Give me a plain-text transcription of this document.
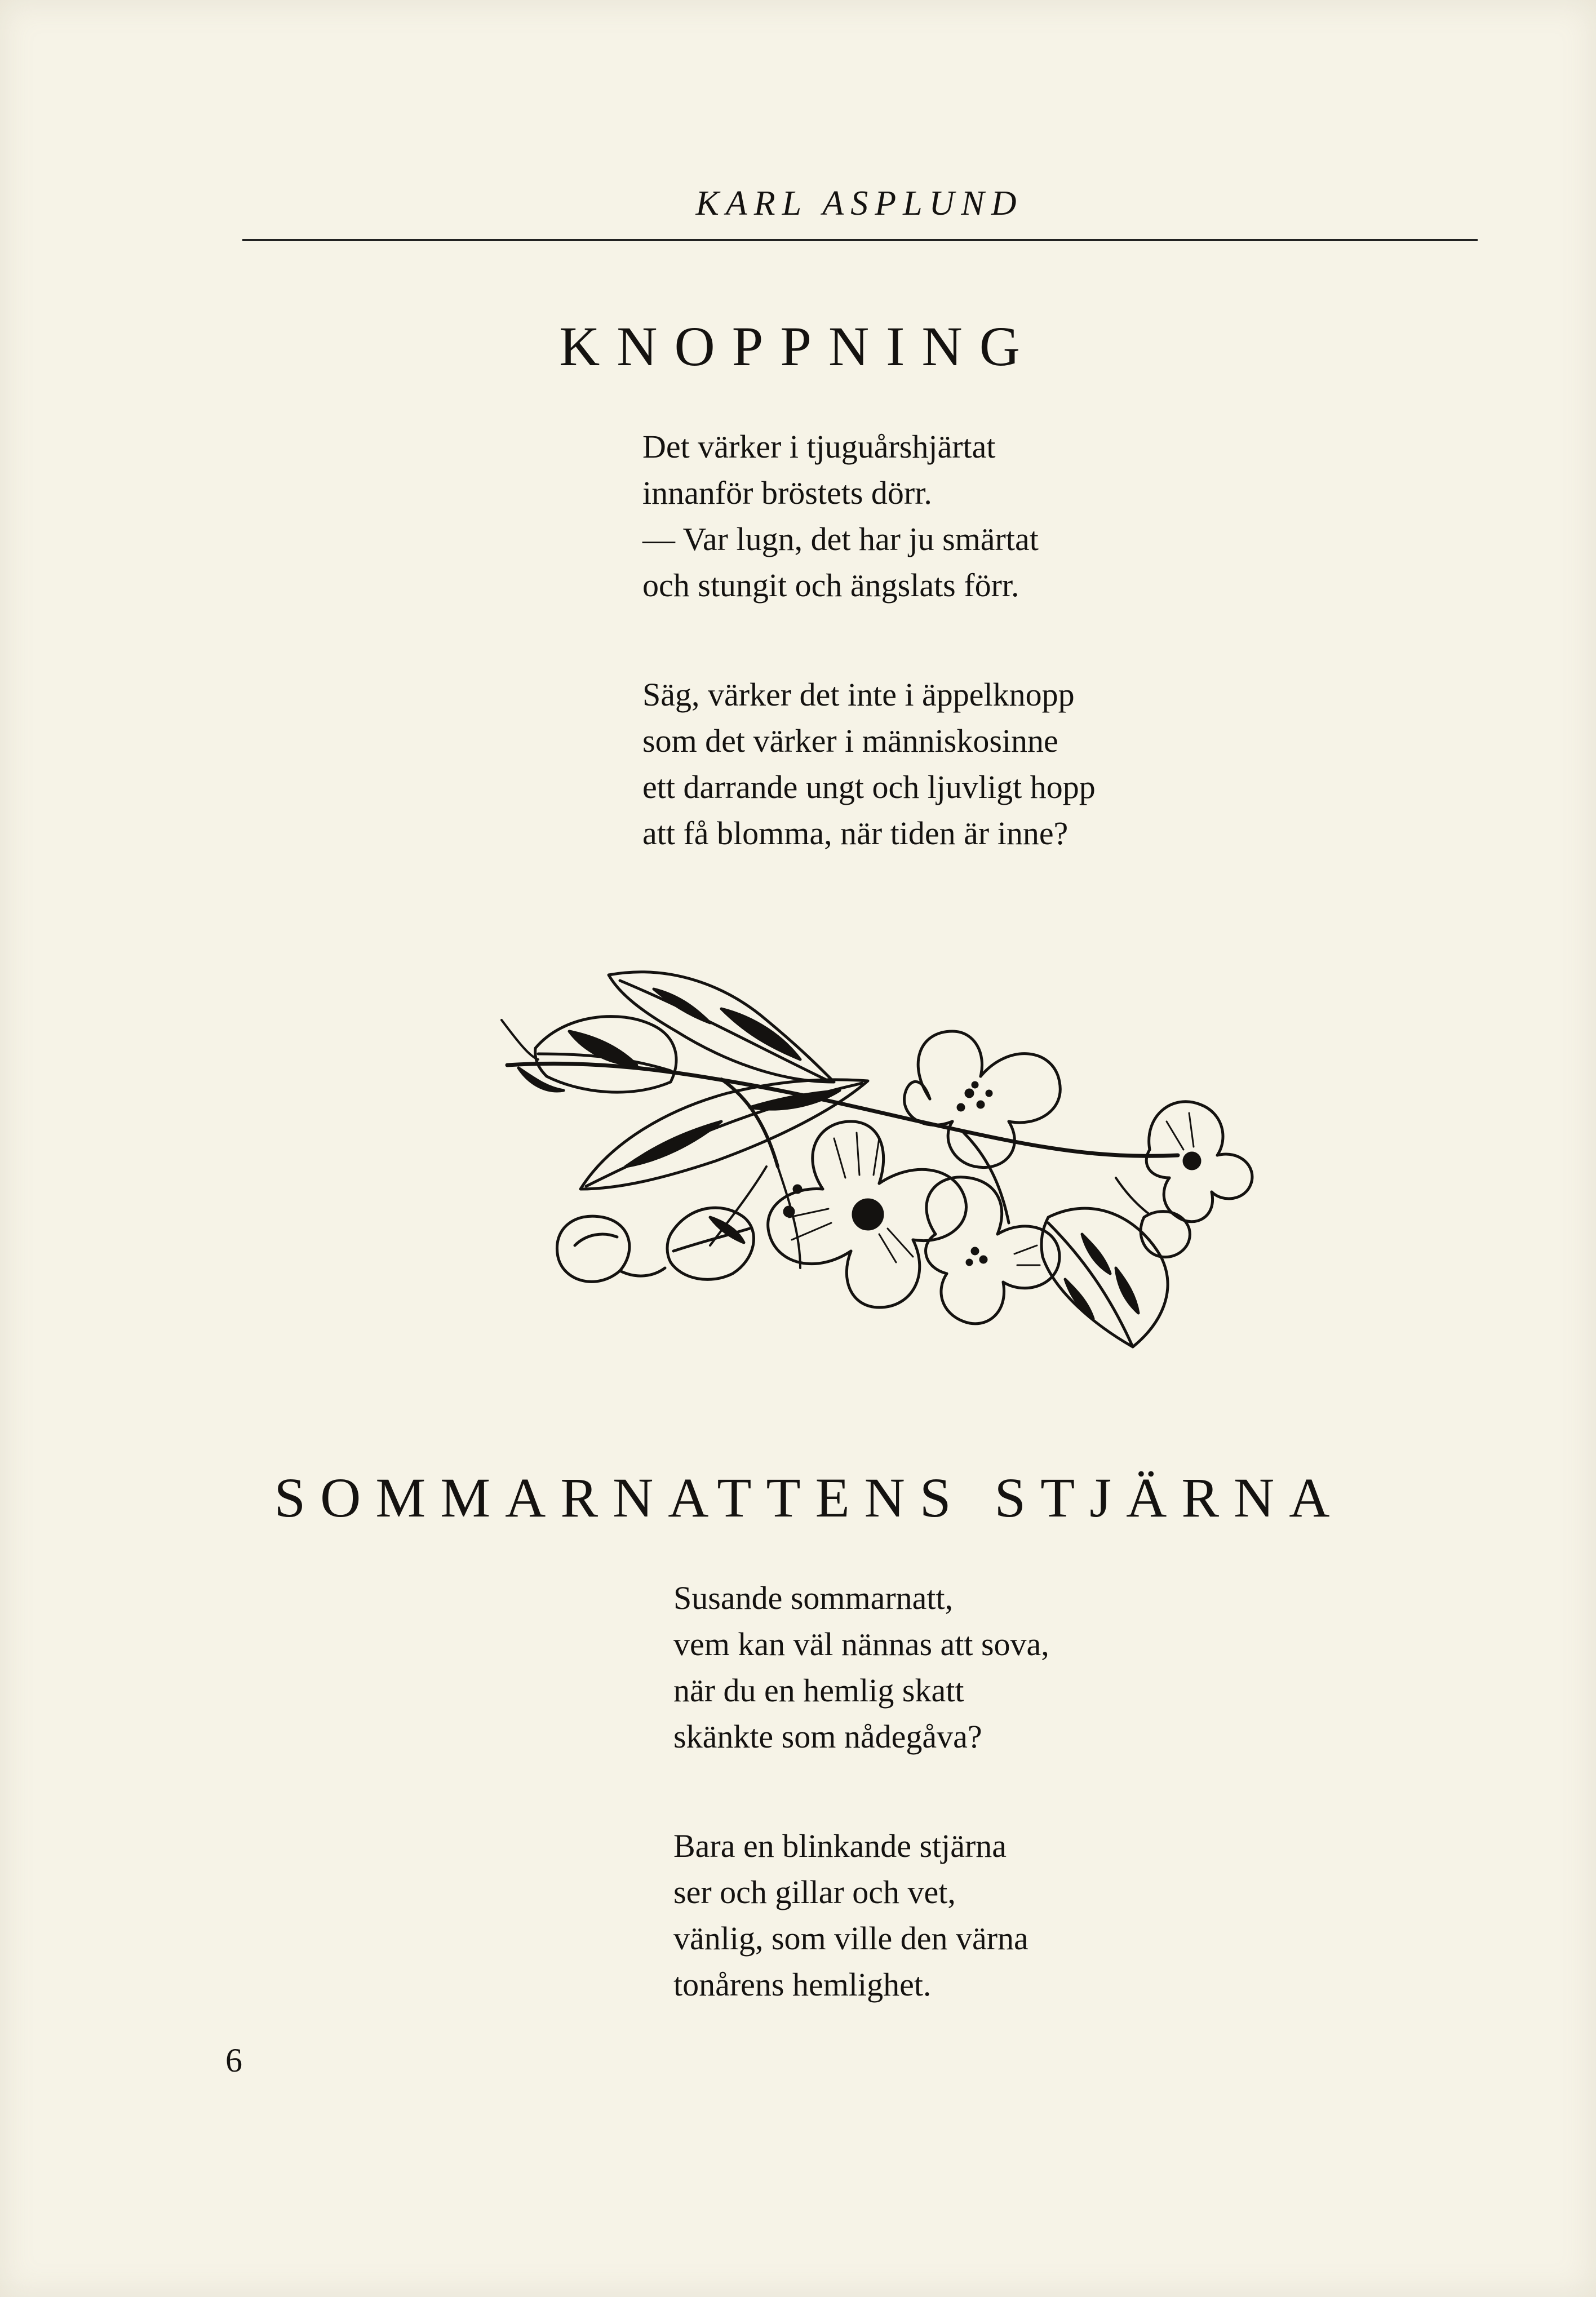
KARL ASPLUND
KNOPPNING
Det värker i tjuguårshjärtat
innanför bröstets dörr.
— Var lugn, det har ju smärtat
och stungit och ängslats förr.
Säg, värker det inte i äppelknopp
som det värker i människosinne
ett darrande ungt och ljuvligt hopp
att få blomma, när tiden är inne?
SOMMARNATTENS STJÄRNA
Susande sommarnatt,
vem kan väl nännas att sova,
när du en hemlig skatt
skänkte som nådegåva?
Bara en blinkande stjärna
ser och gillar och vet,
vänlig, som ville den värna
tonårens hemlighet.
6
